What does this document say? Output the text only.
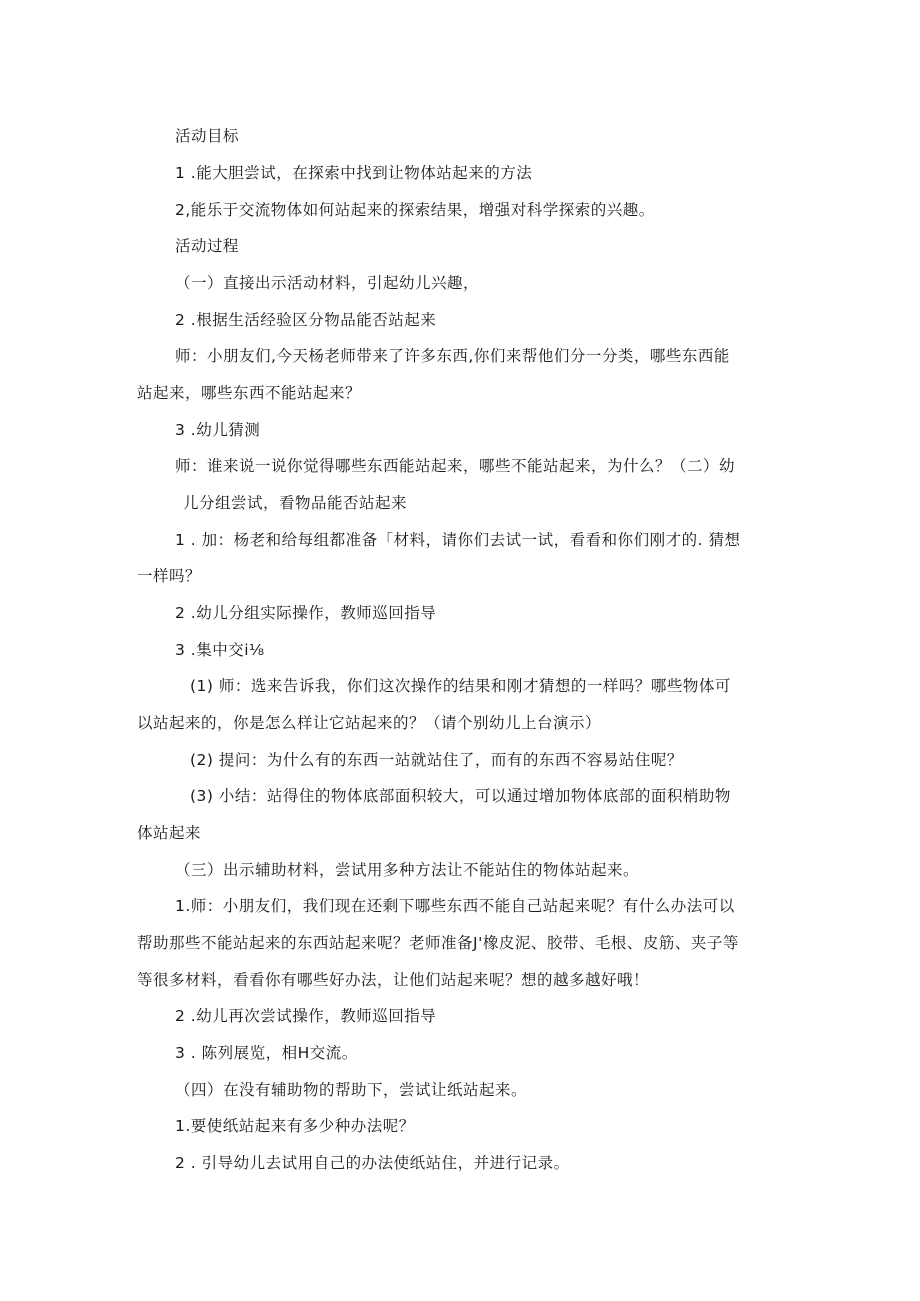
活动目标
1 .能大胆尝试，在探索中找到让物体站起来的方法
2,能乐于交流物体如何站起来的探索结果，增强对科学探索的兴趣。
活动过程
（一）直接出示活动材料，引起幼儿兴趣，
2 .根据生活经验区分物品能否站起来
师：小朋友们,今天杨老师带来了许多东西,你们来帮他们分一分类，哪些东西能
站起来，哪些东西不能站起来？
3 .幼儿猜测
师：谁来说一说你觉得哪些东西能站起来，哪些不能站起来，为什么？（二）幼
儿分组尝试，看物品能否站起来
1 . 加：杨老和给每组都准备「材料，请你们去试一试，看看和你们刚才的. 猜想
一样吗？
2 .幼儿分组实际操作，教师巡回指导
3 .集中交i⅛
(1) 师：选来告诉我，你们这次操作的结果和刚才猜想的一样吗？哪些物体可
以站起来的，你是怎么样让它站起来的？（请个别幼儿上台演示）
(2) 提问：为什么有的东西一站就站住了，而有的东西不容易站住呢？
(3) 小结：站得住的物体底部面积较大，可以通过增加物体底部的面积梢助物
体站起来
（三）出示辅助材料，尝试用多种方法让不能站住的物体站起来。
1.师：小朋友们，我们现在还剩下哪些东西不能自己站起来呢？有什么办法可以
帮助那些不能站起来的东西站起来呢？老师准备J'橡皮泥、胶带、毛根、皮筋、夹子等
等很多材料，看看你有哪些好办法，让他们站起来呢？想的越多越好哦！
2 .幼儿再次尝试操作，教师巡回指导
3 . 陈列展览，相H交流。
（四）在没有辅助物的帮助下，尝试让纸站起来。
1.要使纸站起来有多少种办法呢？
2 . 引导幼儿去试用自己的办法使纸站住，并进行记录。
